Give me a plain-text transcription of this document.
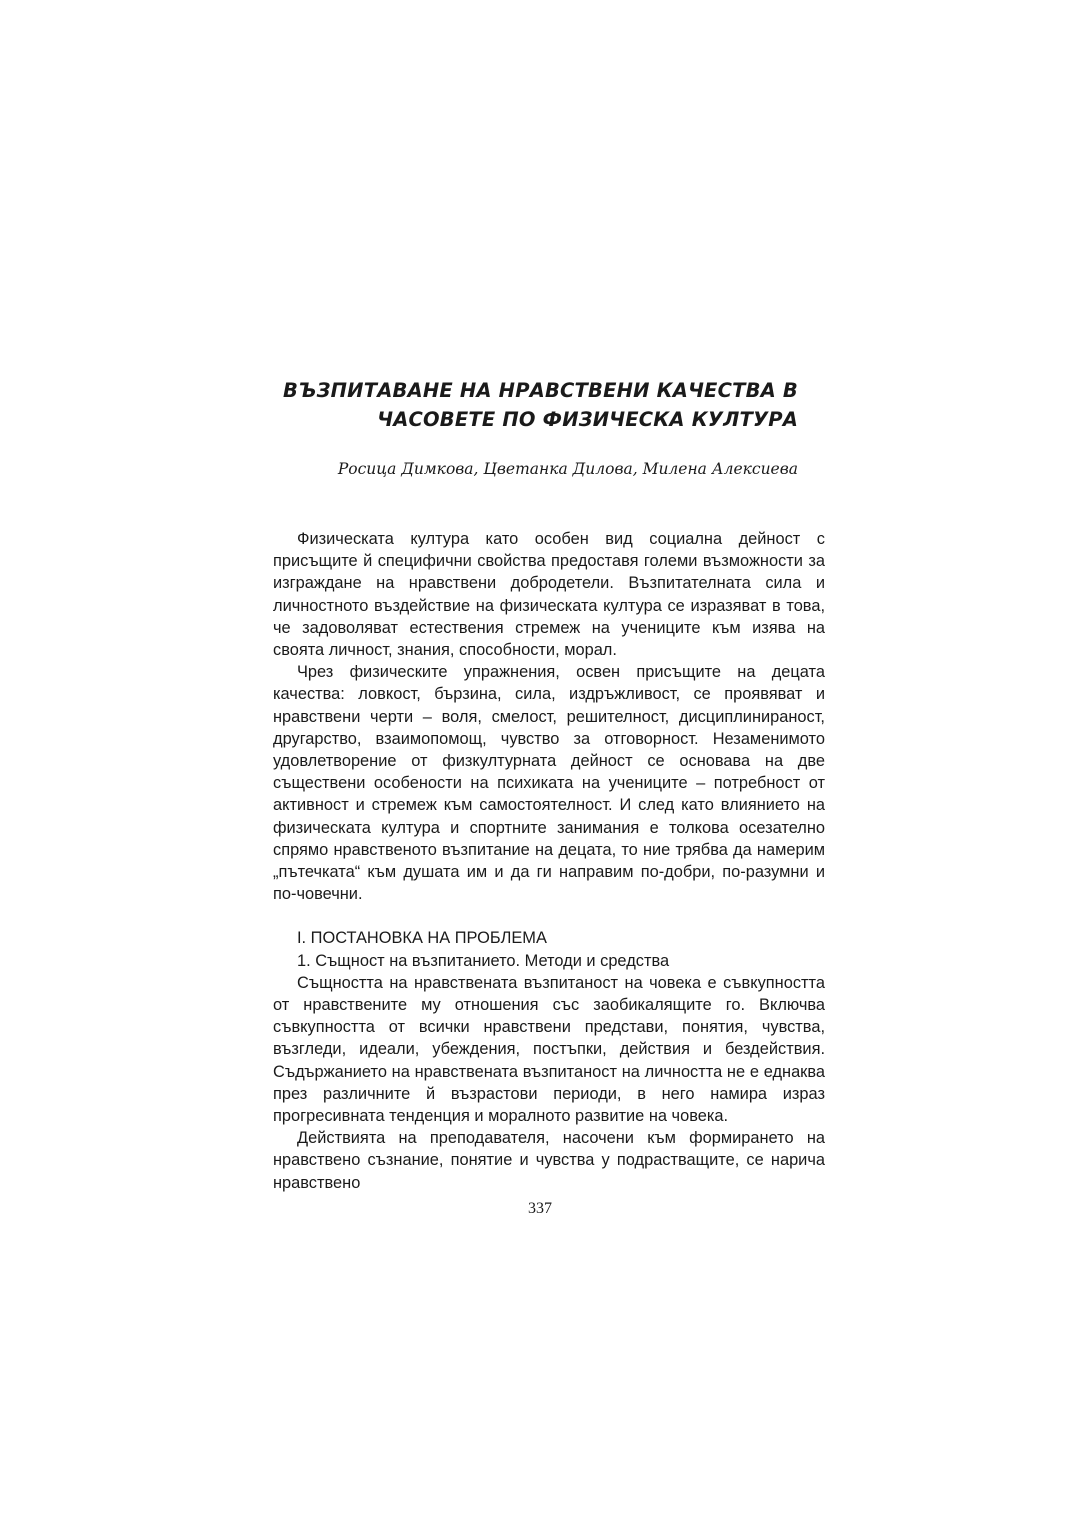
ВЪЗПИТАВАНЕ НА НРАВСТВЕНИ КАЧЕСТВА В
ЧАСОВЕТЕ ПО ФИЗИЧЕСКА КУЛТУРА

Росица Димкова, Цветанка Дилова, Милена Алексиева

Физическата култура като особен вид социална дейност с присъщите й специфични свойства предоставя големи възможности за изграждане на нравствени добродетели. Възпитателната сила и личностното въздействие на физическата култура се изразяват в това, че задоволяват естествения стремеж на учениците към изява на своята личност, знания, способности, морал.

Чрез физическите упражнения, освен присъщите на децата качества: ловкост, бързина, сила, издръжливост, се проявяват и нравствени черти – воля, смелост, решителност, дисциплинираност, другарство, взаимопомощ, чувство за отговорност. Незаменимото удовлетворение от физкултурната дейност се основава на две съществени особености на психиката на учениците – потребност от активност и стремеж към самостоятелност. И след като влиянието на физическата култура и спортните занимания е толкова осезателно спрямо нравственото възпитание на децата, то ние трябва да намерим „пътечката“ към душата им и да ги направим по-добри, по-разумни и по-човечни.

І. ПОСТАНОВКА НА ПРОБЛЕМА

1. Същност на възпитанието. Методи и средства

Същността на нравствената възпитаност на човека е съвкупността от нравствените му отношения със заобикалящите го. Включва съвкупността от всички нравствени представи, понятия, чувства, възгледи, идеали, убеждения, постъпки, действия и бездействия. Съдържанието на нравствената възпитаност на личността не е еднаква през различните й възрастови периоди, в него намира израз прогресивната тенденция и моралното развитие на човека.

Действията на преподавателя, насочени към формирането на нравствено съзнание, понятие и чувства у подрастващите, се нарича нравствено

337
